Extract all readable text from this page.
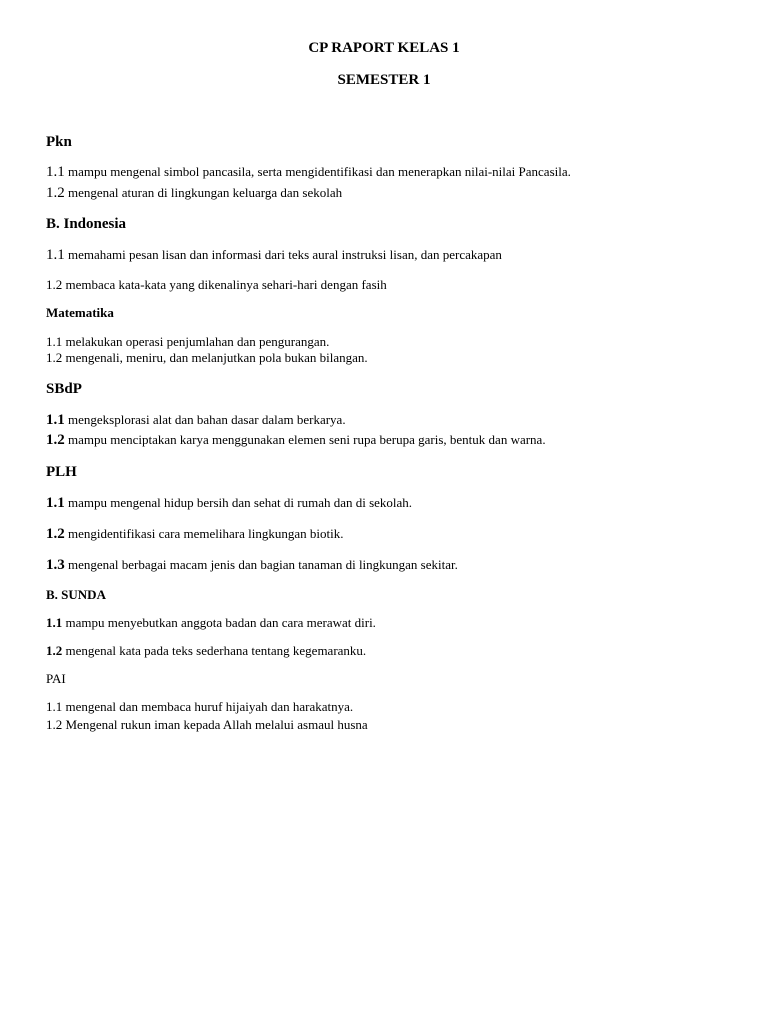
CP RAPORT KELAS 1
SEMESTER 1
Pkn
1.1 mampu mengenal simbol pancasila, serta mengidentifikasi dan menerapkan nilai-nilai Pancasila.
1.2 mengenal aturan di lingkungan keluarga dan sekolah
B. Indonesia
1.1 memahami pesan lisan dan informasi dari teks aural instruksi lisan, dan percakapan
1.2 membaca kata-kata yang dikenalinya sehari-hari dengan fasih
Matematika
1.1 melakukan operasi penjumlahan dan pengurangan.
1.2 mengenali, meniru, dan melanjutkan pola bukan bilangan.
SBdP
1.1 mengeksplorasi alat dan bahan dasar dalam berkarya.
1.2 mampu menciptakan karya menggunakan elemen seni rupa berupa garis, bentuk dan warna.
PLH
1.1 mampu mengenal hidup bersih dan sehat di rumah dan di sekolah.
1.2 mengidentifikasi cara memelihara lingkungan biotik.
1.3 mengenal berbagai macam jenis dan bagian tanaman di lingkungan sekitar.
B. SUNDA
1.1 mampu menyebutkan anggota badan dan cara merawat diri.
1.2 mengenal kata pada teks sederhana tentang kegemaranku.
PAI
1.1 mengenal dan membaca huruf hijaiyah dan harakatnya.
1.2 Mengenal rukun iman kepada Allah melalui asmaul husna
